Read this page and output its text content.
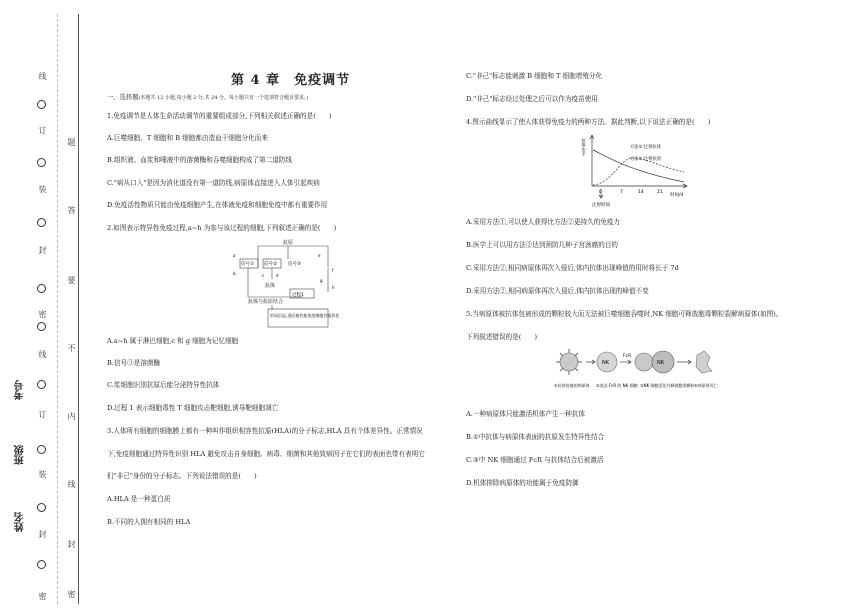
线
订
装
封
密
线
订
装
封
密
题
答
要
不
内
线
封
密
考号
班级
姓名
第 4 章　免疫调节
一、选择题(本题共 12 小题,每小题 2 分,共 24 分。每小题只有一个选项符合题目要求。)
1.免疫调节是人体生命活动调节的重要组成部分,下列相关叙述正确的是(　　)
A.巨噬细胞、T 细胞和 B 细胞都由造血干细胞分化而来
B.组织液、血浆和唾液中的溶菌酶和吞噬细胞构成了第二道防线
C."病从口入"是因为消化道没有第一道防线,病原体直接进入人体引起疾病
D.免疫活性物质只能由免疫细胞产生,在体液免疫和细胞免疫中都有重要作用
2.如图表示特异性免疫过程,a~h 为参与该过程的细胞,下列叙述正确的是(　　)
抗原
信号① 信号② 信号③
抗体
抗体与抗原结合
过程1
形成沉淀,进而被其他免疫细胞吞噬消化
a
b	c	d
e
f
g
h
A.a~h 属于淋巴细胞,c 和 g 细胞为记忆细胞
B.信号③是溶菌酶
C.浆细胞识别抗原后能分泌特异性抗体
D.过程 1 表示细胞毒性 T 细胞攻击靶细胞,诱导靶细胞凋亡
3.人体所有细胞的细胞膜上都有一种叫作组织相容性抗原(HLA)的分子标志,HLA 具有个体差异性。正常情况
下,免疫细胞通过特异性识别 HLA 避免攻击自身细胞。病毒、细菌和其他致病因子在它们的表面也带有表明它
们"非己"身份的分子标志。下列说法错误的是(　　)
A.HLA 是一种蛋白质
B.不同的人拥有相同的 HLA
C."非己"标志能刺激 B 细胞和 T 细胞增殖分化
D."非己"标志经过处理之后可以作为疫苗使用
4.图示曲线显示了使人体获得免疫力的两种方法。据此判断,以下说法正确的是(　　)
抗体水平	方法①:注射抗体
方法②:注射抗原
0	7	14	21
时间/d
注射时间
A.采用方法①,可以使人获得比方法②更持久的免疫力
B.医学上可以用方法②达到预防几种子宫颈癌的目的
C.采用方法②,相同病原体再次入侵后,体内抗体出现峰值的用时将长于 7d
D.采用方法②,相同病原体再次入侵后,体内抗体出现的峰值不变
5.当病原体被抗体包被形成的颗粒较大而无法被巨噬细胞吞噬时,NK 细胞可释放胞毒颗粒裂解病原体(如图)。
下列叙述错误的是(　　)
NK
FcR
NK
①抗体包被的病原体 ②表达 FcR 的 NK 细胞 ③NK 细胞活化并释放胞毒颗粒 ④病原体死亡
A.一种病原体只能激活机体产生一种抗体
B.①中抗体与病原体表面的抗原发生特异性结合
C.③中 NK 细胞通过 FcR 与抗体结合后被激活
D.机体排除病原体的功能属于免疫防御
